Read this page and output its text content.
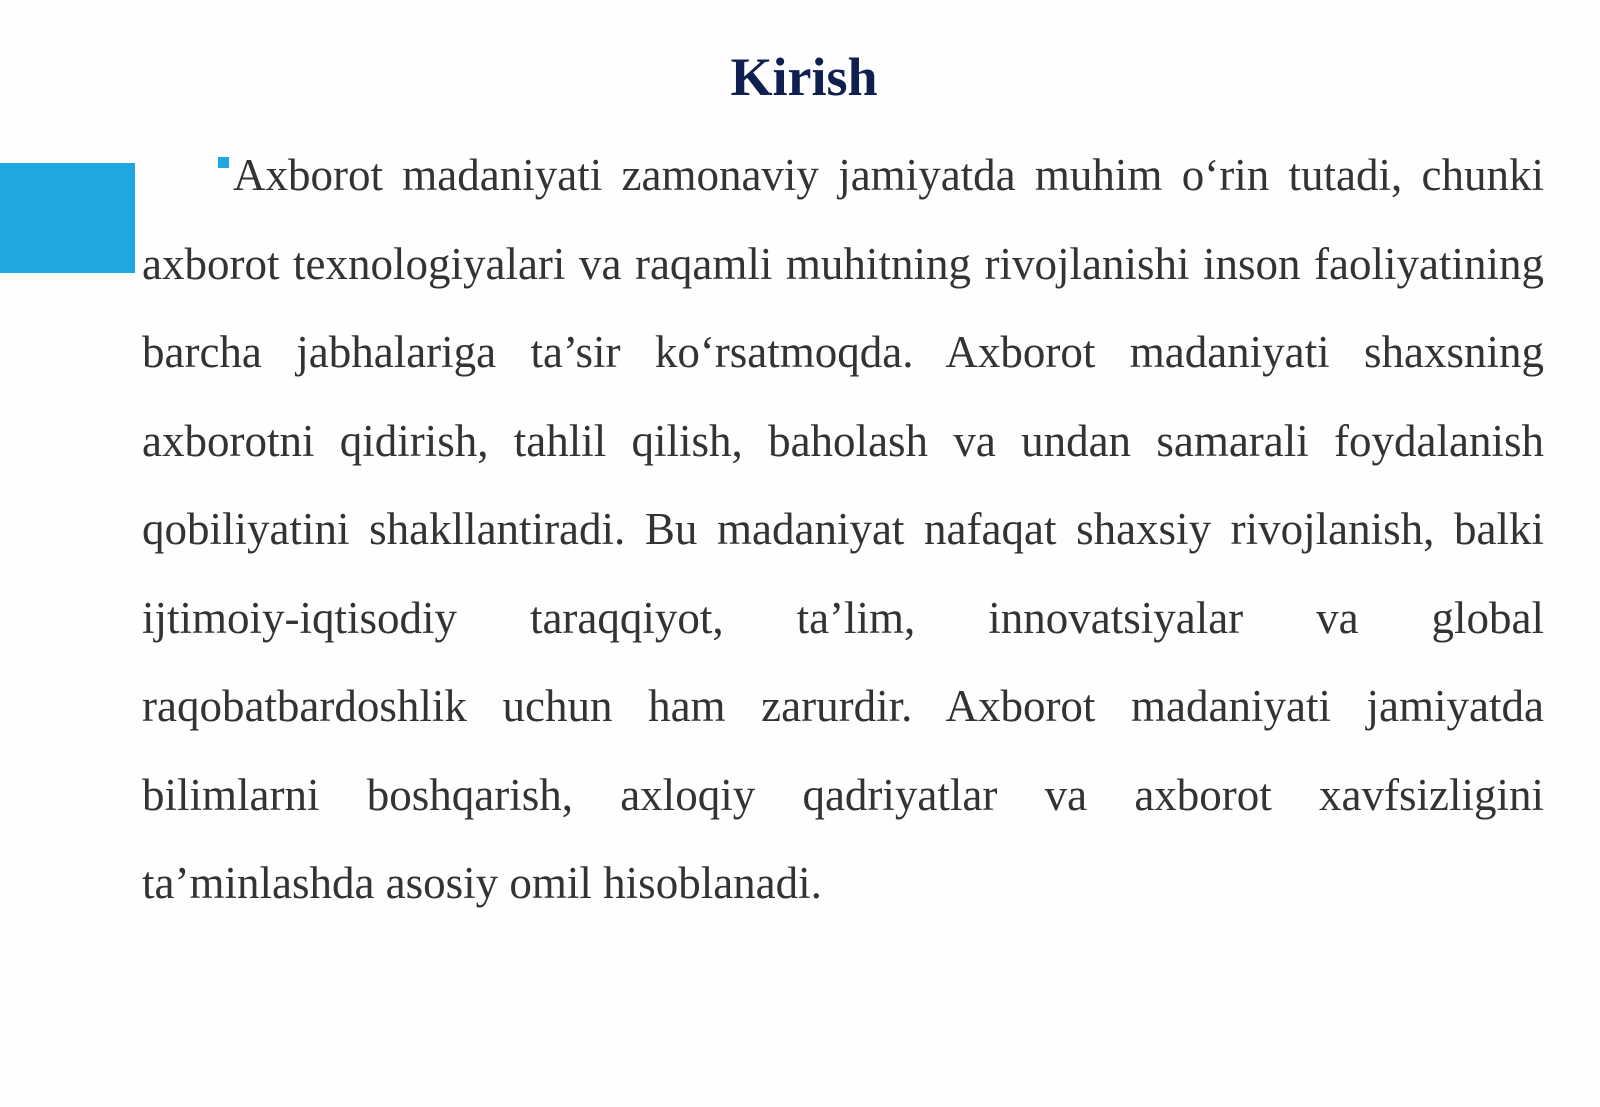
Kirish

Axborot madaniyati zamonaviy jamiyatda muhim o‘rin tutadi, chunki axborot texnologiyalari va raqamli muhitning rivojlanishi inson faoliyatining barcha jabhalariga ta’sir ko‘rsatmoqda. Axborot madaniyati shaxsning axborotni qidirish, tahlil qilish, baholash va undan samarali foydalanish qobiliyatini shakllantiradi. Bu madaniyat nafaqat shaxsiy rivojlanish, balki ijtimoiy-iqtisodiy taraqqiyot, ta’lim, innovatsiyalar va global raqobatbardoshlik uchun ham zarurdir. Axborot madaniyati jamiyatda bilimlarni boshqarish, axloqiy qadriyatlar va axborot xavfsizligini ta’minlashda asosiy omil hisoblanadi.
